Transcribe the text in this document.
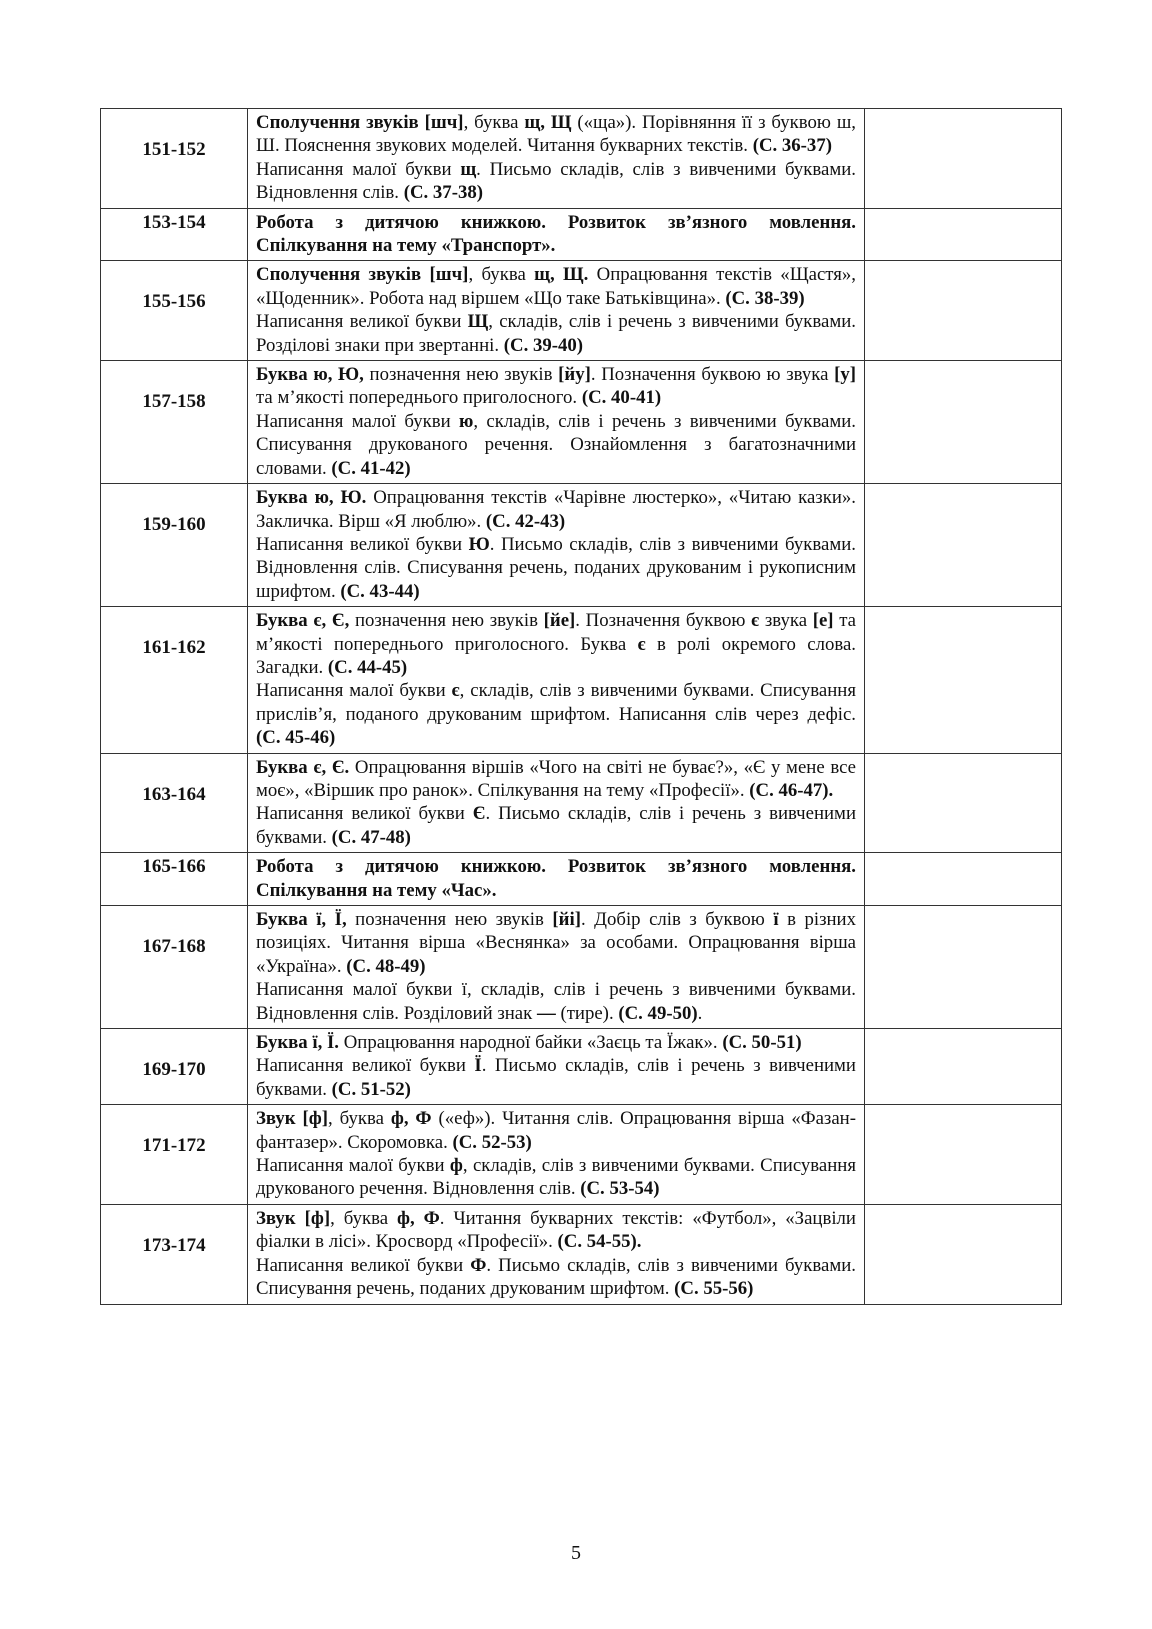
151-152	Сполучення звуків [шч], буква щ, Щ («ща»). Порівняння її з буквою ш, Ш. Пояснення звукових моделей. Читання букварних текстів. (С. 36-37)

Написання малої букви щ. Письмо складів, слів з вивченими буквами. Відновлення слів. (С. 37-38)	

153-154	Робота з дитячою книжкою. Розвиток зв’язного мовлення. Спілкування на тему «Транспорт».	

155-156	Сполучення звуків [шч], буква щ, Щ. Опрацювання текстів «Щастя», «Щоденник». Робота над віршем «Що таке Батьківщина». (С. 38-39)

Написання великої букви Щ, складів, слів і речень з вивченими буквами. Розділові знаки при звертанні. (С. 39-40)	

157-158	Буква ю, Ю, позначення нею звуків [йу]. Позначення буквою ю звука [у] та м’якості попереднього приголосного. (С. 40-41)

Написання малої букви ю, складів, слів і речень з вивченими буквами. Списування друкованого речення. Ознайомлення з багатозначними словами. (С. 41-42)	

159-160	Буква ю, Ю. Опрацювання текстів «Чарівне люстерко», «Читаю казки». Закличка. Вірш «Я люблю». (С. 42-43)

Написання великої букви Ю. Письмо складів, слів з вивченими буквами. Відновлення слів. Списування речень, поданих друкованим і рукописним шрифтом. (С. 43-44)	

161-162	Буква є, Є, позначення нею звуків [йе]. Позначення буквою є звука [е] та м’якості попереднього приголосного. Буква є в ролі окремого слова. Загадки. (С. 44-45)

Написання малої букви є, складів, слів з вивченими буквами. Списування прислів’я, поданого друкованим шрифтом. Написання слів через дефіс. (С. 45-46)	

163-164	Буква є, Є. Опрацювання віршів «Чого на світі не буває?», «Є у мене все моє», «Віршик про ранок». Спілкування на тему «Професії». (С. 46-47).

Написання великої букви Є. Письмо складів, слів і речень з вивченими буквами. (С. 47-48)	

165-166	Робота з дитячою книжкою. Розвиток зв’язного мовлення. Спілкування на тему «Час».	

167-168	Буква ї, Ї, позначення нею звуків [йі]. Добір слів з буквою ї в різних позиціях. Читання вірша «Веснянка» за особами. Опрацювання вірша «Україна». (С. 48-49)

Написання малої букви ї, складів, слів і речень з вивченими буквами. Відновлення слів. Розділовий знак — (тире). (С. 49-50).	

169-170	Буква ї, Ї. Опрацювання народної байки «Заєць та Їжак». (С. 50-51)

Написання великої букви Ї. Письмо складів, слів і речень з вивченими буквами. (С. 51-52)	

171-172	Звук [ф], буква ф, Ф («еф»). Читання слів. Опрацювання вірша «Фазан-фантазер». Скоромовка. (С. 52-53)

Написання малої букви ф, складів, слів з вивченими буквами. Списування друкованого речення. Відновлення слів. (С. 53-54)	

173-174	Звук [ф], буква ф, Ф. Читання букварних текстів: «Футбол», «Зацвіли фіалки в лісі». Кросворд «Професії». (С. 54-55).

Написання великої букви Ф. Письмо складів, слів з вивченими буквами. Списування речень, поданих друкованим шрифтом. (С. 55-56)	

5
